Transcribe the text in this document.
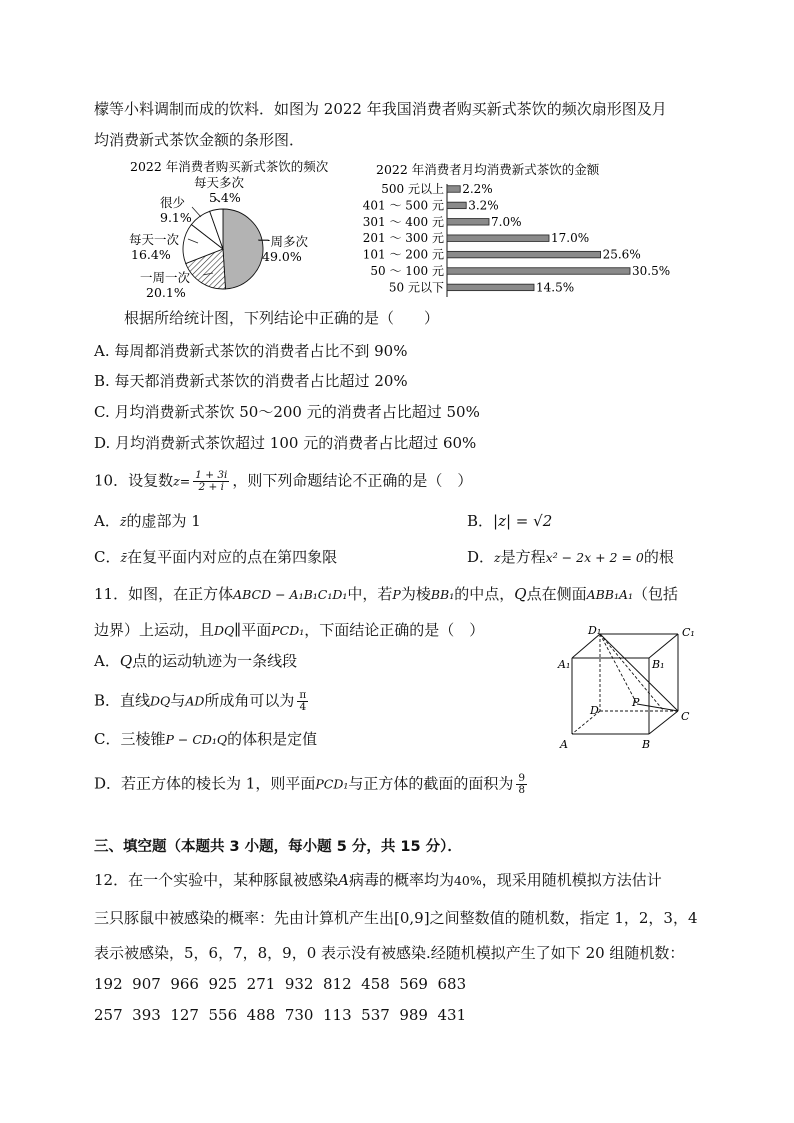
檬等小料调制而成的饮料．如图为 2022 年我国消费者购买新式茶饮的频次扇形图及月
均消费新式茶饮金额的条形图．
2022 年消费者购买新式茶饮的频次
一周多次
49.0%
一周一次
20.1%
每天一次
16.4%
很少
9.1%
每天多次
5.4%
2022 年消费者月均消费新式茶饮的金额
500 元以上 2.2%
401 ～ 500 元 3.2%
301 ～ 400 元	7.0%
201 ～ 300 元	17.0%
101 ～ 200 元	25.6%
50 ～ 100 元	30.5%
50 元以下	14.5%
根据所给统计图，下列结论中正确的是（　　）
A. 每周都消费新式茶饮的消费者占比不到 90%
B. 每天都消费新式茶饮的消费者占比超过 20%
C. 月均消费新式茶饮 50～200 元的消费者占比超过 50%
D. 月均消费新式茶饮超过 100 元的消费者占比超过 60%
10．设复数$z= \frac{1 + 3i}{2 + i}$ ，则下列命题结论不正确的是（　）
A．z̄的虚部为 1	B．|z| = √2
C．z̄在复平面内对应的点在第四象限	D．z是方程x² − 2x + 2 = 0的根
11．如图，在正方体ABCD − A₁B₁C₁D₁中，若P为棱BB₁的中点，Q点在侧面ABB₁A₁（包括
边界）上运动，且DQ∥平面PCD₁，下面结论正确的是（　）
A．Q点的运动轨迹为一条线段
B．直线DQ与AD所成角可以为 $\frac{\pi}{4}$
C．三棱锥P − CD₁Q的体积是定值
D．若正方体的棱长为 1，则平面PCD₁与正方体的截面的面积为 $\frac{9}{8}$
D₁	C₁
A₁	B₁
D
P
C
A	B
三、填空题（本题共 3 小题，每小题 5 分，共 15 分）．
12．在一个实验中，某种豚鼠被感染A病毒的概率均为40%，现采用随机模拟方法估计
三只豚鼠中被感染的概率：先由计算机产生出[0,9]之间整数值的随机数，指定 1，2，3，4
表示被感染，5，6，7，8，9，0 表示没有被感染.经随机模拟产生了如下 20 组随机数：
192  907  966  925  271  932  812  458  569  683
257  393  127  556  488  730  113  537  989  431
